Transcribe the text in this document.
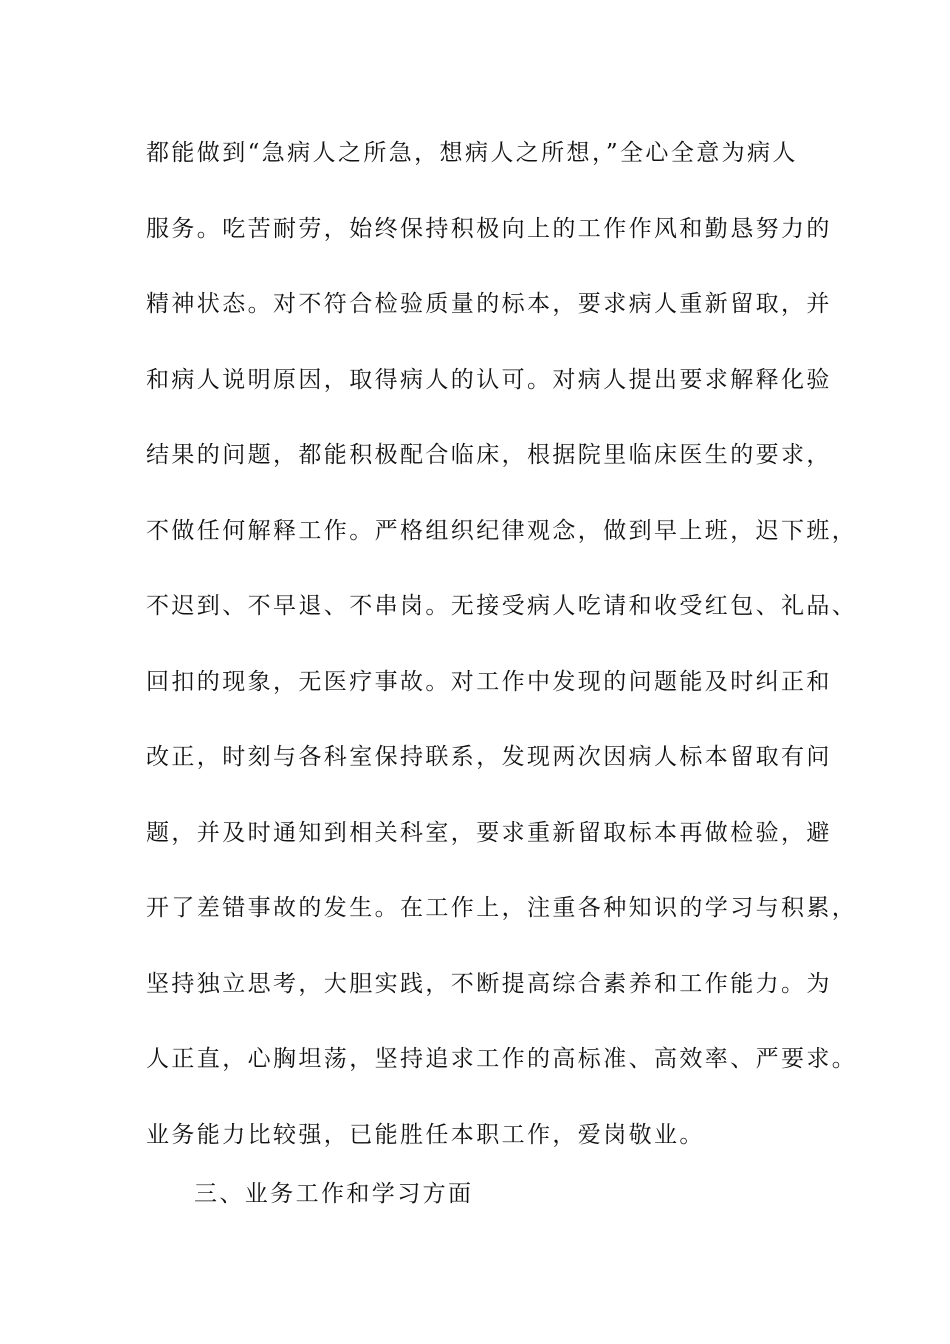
都能做到“急病人之所急，想病人之所想，”全心全意为病人
服务。吃苦耐劳，始终保持积极向上的工作作风和勤恳努力的
精神状态。对不符合检验质量的标本，要求病人重新留取，并
和病人说明原因，取得病人的认可。对病人提出要求解释化验
结果的问题，都能积极配合临床，根据院里临床医生的要求，
不做任何解释工作。严格组织纪律观念，做到早上班，迟下班，
不迟到、不早退、不串岗。无接受病人吃请和收受红包、礼品、
回扣的现象，无医疗事故。对工作中发现的问题能及时纠正和
改正，时刻与各科室保持联系，发现两次因病人标本留取有问
题，并及时通知到相关科室，要求重新留取标本再做检验，避
开了差错事故的发生。在工作上，注重各种知识的学习与积累，
坚持独立思考，大胆实践，不断提高综合素养和工作能力。为
人正直，心胸坦荡，坚持追求工作的高标准、高效率、严要求。
业务能力比较强，已能胜任本职工作，爱岗敬业。
三、业务工作和学习方面
